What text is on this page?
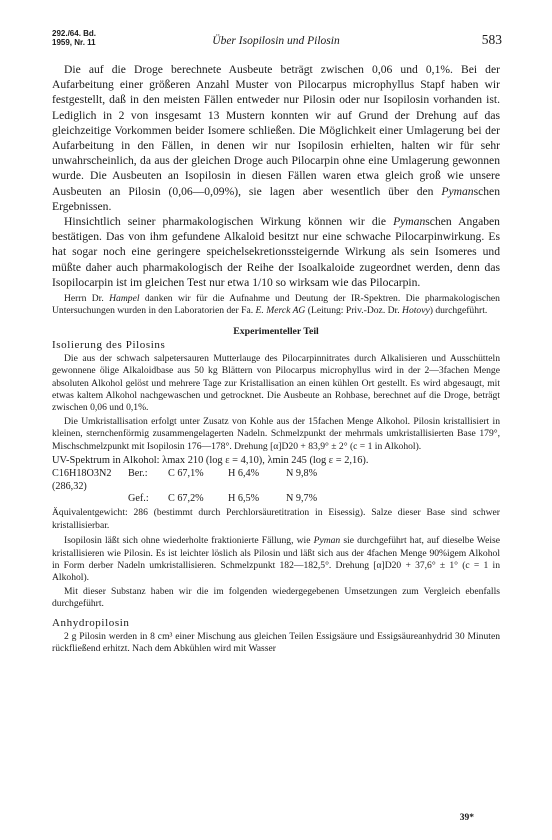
292./64. Bd.
1959, Nr. 11	Über Isopilosin und Pilosin	583

Die auf die Droge berechnete Ausbeute beträgt zwischen 0,06 und 0,1%. Bei der Aufarbeitung einer größeren Anzahl Muster von Pilocarpus microphyllus Stapf haben wir festgestellt, daß in den meisten Fällen entweder nur Pilosin oder nur Isopilosin vorhanden ist. Lediglich in 2 von insgesamt 13 Mustern konnten wir auf Grund der Drehung auf das gleichzeitige Vorkommen beider Isomere schließen. Die Möglichkeit einer Umlagerung bei der Aufarbeitung in den Fällen, in denen wir nur Isopilosin erhielten, halten wir für sehr unwahrscheinlich, da aus der gleichen Droge auch Pilocarpin ohne eine Umlagerung gewonnen wurde. Die Ausbeuten an Isopilosin in diesen Fällen waren etwa gleich groß wie unsere Ausbeuten an Pilosin (0,06—0,09%), sie lagen aber wesentlich über den Pymanschen Ergebnissen.

Hinsichtlich seiner pharmakologischen Wirkung können wir die Pymanschen Angaben bestätigen. Das von ihm gefundene Alkaloid besitzt nur eine schwache Pilocarpinwirkung. Es hat sogar noch eine geringere speichelsekretionssteigernde Wirkung als sein Isomeres und müßte daher auch pharmakologisch der Reihe der Isoalkaloide zugeordnet werden, denn das Isopilocarpin ist im gleichen Test nur etwa 1/10 so wirksam wie das Pilocarpin.

Herrn Dr. Hampel danken wir für die Aufnahme und Deutung der IR-Spektren. Die pharmakologischen Untersuchungen wurden in den Laboratorien der Fa. E. Merck AG (Leitung: Priv.-Doz. Dr. Hotovy) durchgeführt.

Experimenteller Teil
Isolierung des Pilosins

Die aus der schwach salpetersauren Mutterlauge des Pilocarpinnitrates durch Alkalisieren und Ausschütteln gewonnene ölige Alkaloidbase aus 50 kg Blättern von Pilocarpus microphyllus wird in der 2—3fachen Menge absoluten Alkohol gelöst und mehrere Tage zur Kristallisation an einen kühlen Ort gestellt. Es wird abgesaugt, mit etwas kaltem Alkohol nachgewaschen und getrocknet. Die Ausbeute an Rohbase, berechnet auf die Droge, beträgt zwischen 0,06 und 0,1%.

Die Umkristallisation erfolgt unter Zusatz von Kohle aus der 15fachen Menge Alkohol. Pilosin kristallisiert in kleinen, sternchenförmig zusammengelagerten Nadeln. Schmelzpunkt der mehrmals umkristallisierten Base 179°, Mischschmelzpunkt mit Isopilosin 176—178°. Drehung [α]D20 + 83,9° ± 2° (c = 1 in Alkohol).

UV-Spektrum in Alkohol: λmax 210 (log ε = 4,10), λmin 245 (log ε = 2,16).

C16H18O3N2 (286,32)	Ber.:	C 67,1%	H 6,4%	N 9,8%
	Gef.:	C 67,2%	H 6,5%	N 9,7%

Äquivalentgewicht: 286 (bestimmt durch Perchlorsäuretitration in Eisessig). Salze dieser Base sind schwer kristallisierbar.

Isopilosin läßt sich ohne wiederholte fraktionierte Fällung, wie Pyman sie durchgeführt hat, auf dieselbe Weise kristallisieren wie Pilosin. Es ist leichter löslich als Pilosin und läßt sich aus der 4fachen Menge 90%igem Alkohol in Form derber Nadeln umkristallisieren. Schmelzpunkt 182—182,5°. Drehung [α]D20 + 37,6° ± 1° (c = 1 in Alkohol).

Mit dieser Substanz haben wir die im folgenden wiedergegebenen Umsetzungen zum Vergleich ebenfalls durchgeführt.

Anhydropilosin

2 g Pilosin werden in 8 cm³ einer Mischung aus gleichen Teilen Essigsäure und Essigsäureanhydrid 30 Minuten rückfließend erhitzt. Nach dem Abkühlen wird mit Wasser

39*
